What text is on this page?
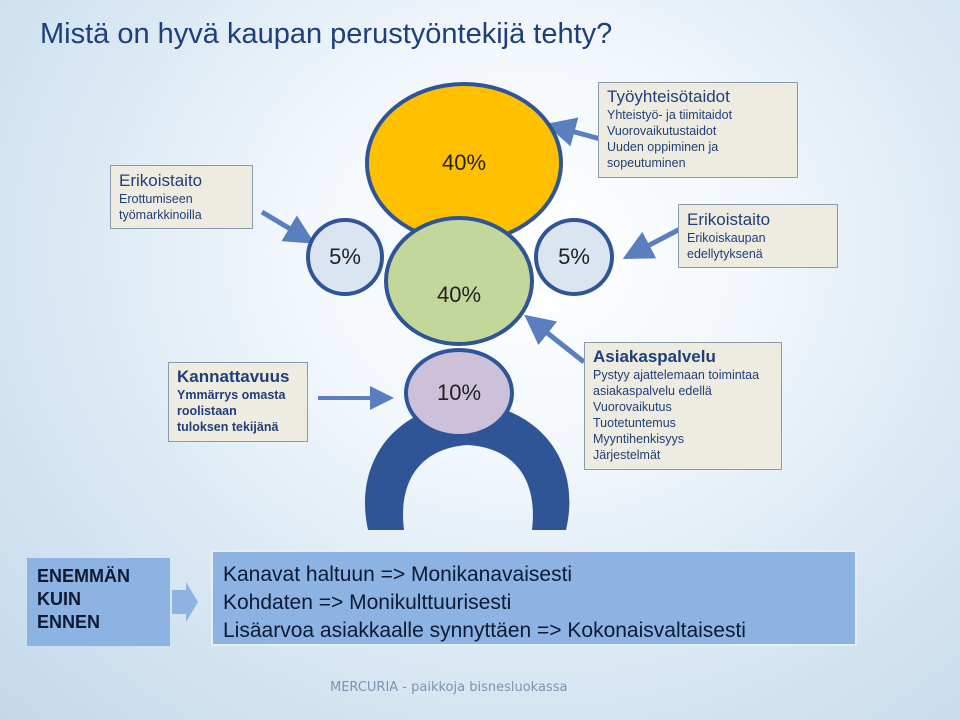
Mistä on hyvä kaupan perustyöntekijä tehty?
40%
5%	5%
40%
10%
Erikoistaito
Erottumiseen
työmarkkinoilla
Työyhteisötaidot
Yhteistyö- ja tiimitaidot
Vuorovaikutustaidot
Uuden oppiminen ja
sopeutuminen
Erikoistaito
Erikoiskaupan
edellytyksenä
Kannattavuus
Ymmärrys omasta
roolistaan
tuloksen tekijänä
Asiakaspalvelu
Pystyy ajattelemaan toimintaa
asiakaspalvelu edellä
Vuorovaikutus
Tuotetuntemus
Myyntihenkisyys
Järjestelmät
ENEMMÄN
KUIN
ENNEN
Kanavat haltuun => Monikanavaisesti
Kohdaten => Monikulttuurisesti
Lisäarvoa asiakkaalle synnyttäen => Kokonaisvaltaisesti
MERCURIA - paikkoja bisnesluokassa
